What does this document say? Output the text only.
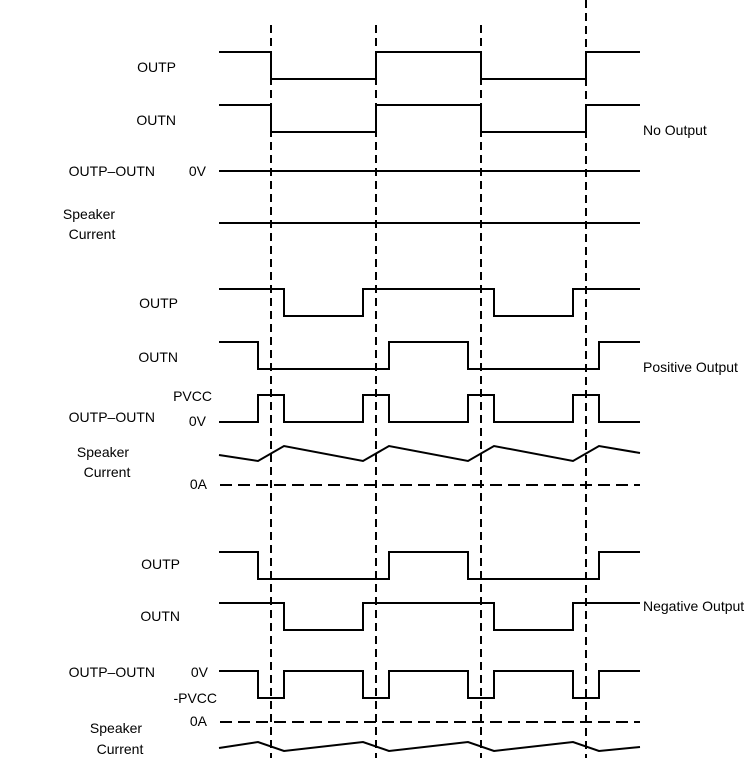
OUTP
OUTN
OUTP–OUTN 0V
Speaker
Current
No Output
OUTP
OUTN
PVCC
OUTP–OUTN 0V
Speaker
Current
0A
Positive Output
OUTP
OUTN
OUTP–OUTN	0V
-PVCC
0A
Speaker
Current
Negative Output
